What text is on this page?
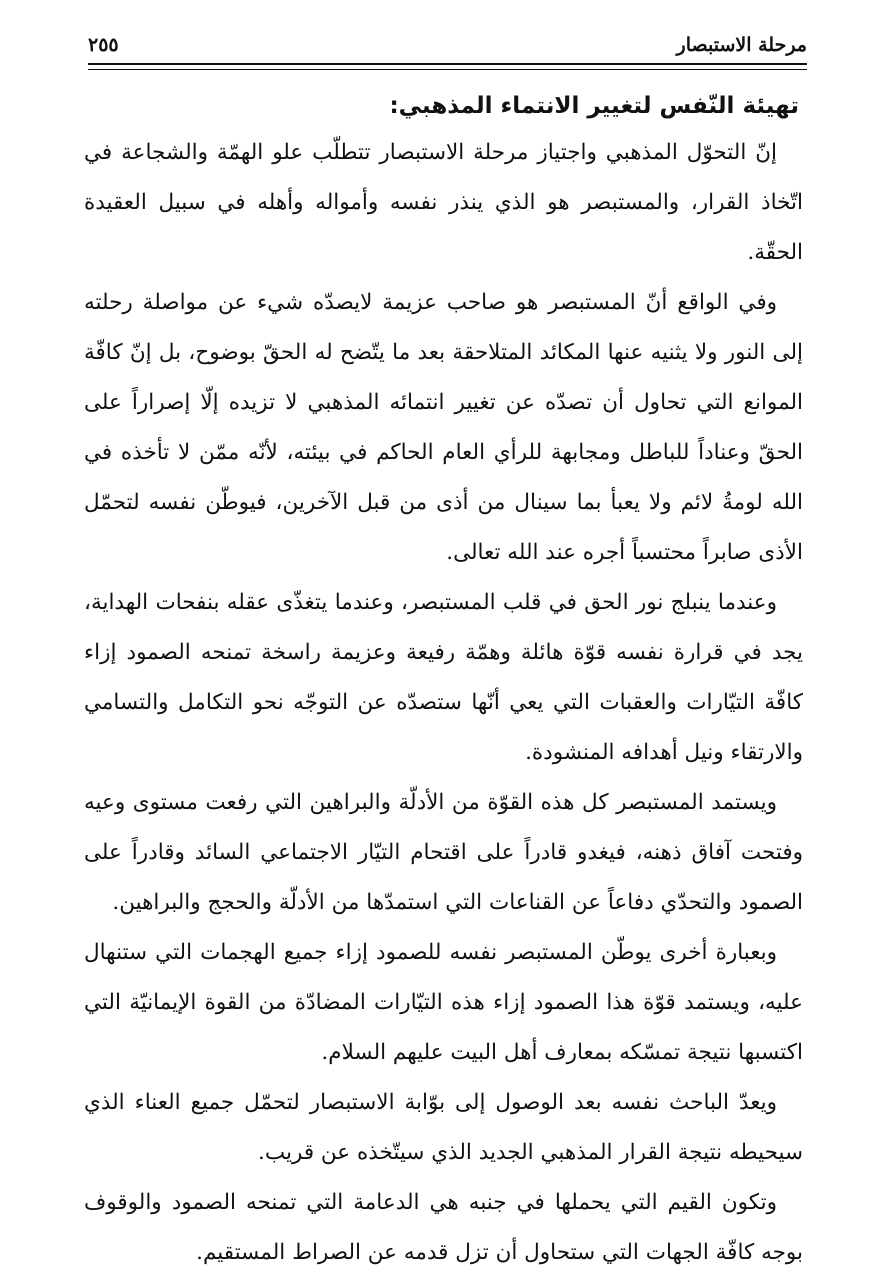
مرحلة الاستبصار
٢٥٥
تهيئة النّفس لتغيير الانتماء المذهبي:

إنّ التحوّل المذهبي واجتياز مرحلة الاستبصار تتطلّب علو الهمّة والشجاعة في اتّخاذ القرار، والمستبصر هو الذي ينذر نفسه وأمواله وأهله في سبيل العقيدة الحقّة.

وفي الواقع أنّ المستبصر هو صاحب عزيمة لايصدّه شيء عن مواصلة رحلته إلى النور ولا يثنيه عنها المكائد المتلاحقة بعد ما يتّضح له الحقّ بوضوح، بل إنّ كافّة الموانع التي تحاول أن تصدّه عن تغيير انتمائه المذهبي لا تزيده إلّا إصراراً على الحقّ وعناداً للباطل ومجابهة للرأي العام الحاكم في بيئته، لأنّه ممّن لا تأخذه في الله لومةُ لائم ولا يعبأ بما سينال من أذى من قبل الآخرين، فيوطّن نفسه لتحمّل الأذى صابراً محتسباً أجره عند الله تعالى.

وعندما ينبلج نور الحق في قلب المستبصر، وعندما يتغذّى عقله بنفحات الهداية، يجد في قرارة نفسه قوّة هائلة وهمّة رفيعة وعزيمة راسخة تمنحه الصمود إزاء كافّة التيّارات والعقبات التي يعي أنّها ستصدّه عن التوجّه نحو التكامل والتسامي والارتقاء ونيل أهدافه المنشودة.

ويستمد المستبصر كل هذه القوّة من الأدلّة والبراهين التي رفعت مستوى وعيه وفتحت آفاق ذهنه، فيغدو قادراً على اقتحام التيّار الاجتماعي السائد وقادراً على الصمود والتحدّي دفاعاً عن القناعات التي استمدّها من الأدلّة والحجج والبراهين.

وبعبارة أخرى يوطّن المستبصر نفسه للصمود إزاء جميع الهجمات التي ستنهال عليه، ويستمد قوّة هذا الصمود إزاء هذه التيّارات المضادّة من القوة الإيمانيّة التي اكتسبها نتيجة تمسّكه بمعارف أهل البيت عليهم السلام.

ويعدّ الباحث نفسه بعد الوصول إلى بوّابة الاستبصار لتحمّل جميع العناء الذي سيحيطه نتيجة القرار المذهبي الجديد الذي سيتّخذه عن قريب.

وتكون القيم التي يحملها في جنبه هي الدعامة التي تمنحه الصمود والوقوف بوجه كافّة الجهات التي ستحاول أن تزل قدمه عن الصراط المستقيم.
